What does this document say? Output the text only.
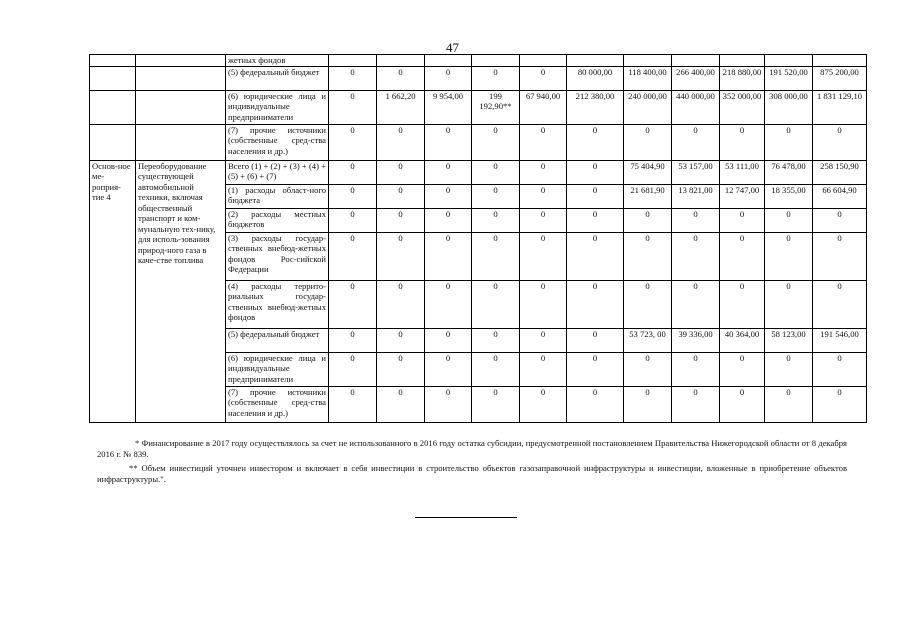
47
		жетных фондов											
		(5) федеральный бюджет	0	0	0	0	0	80 000,00	118 400,00	266 400,00	218 880,00	191 520,00	875 200,00
		(6) юридические лица и индивидуальные предприниматели	0	1 662,20	9 954,00	199 192,90**	67 940,00	212 380,00	240 000,00	440 000,00	352 000,00	308 000,00	1 831 129,10
		(7) прочие источники (собственные сред-ства населения и др.)	0	0	0	0	0	0	0	0	0	0	0
Основ-ное ме-роприя-тие 4	Переоборудование существующей автомобильной техники, включая общественный транспорт и ком-мунальную тех-нику, для исполь-зования природ-ного газа в каче-стве топлива	Всего (1) + (2) + (3) + (4) + (5) + (6) + (7)	0	0	0	0	0	0	75 404,90	53 157,00	53 111,00	76 478,00	258 150,90
		(1) расходы област-ного бюджета	0	0	0	0	0	0	21 681,90	13 821,00	12 747,00	18 355,00	66 604,90
		(2) расходы местных бюджетов	0	0	0	0	0	0	0	0	0	0	0
		(3) расходы государ-ственных внебюд-жетных фондов Рос-сийской Федерации	0	0	0	0	0	0	0	0	0	0	0
		(4) расходы террито-риальных государ-ственных внебюд-жетных фондов	0	0	0	0	0	0	0	0	0	0	0
		(5) федеральный бюджет	0	0	0	0	0	0	53 723, 00	39 336,00	40 364,00	58 123,00	191 546,00
		(6) юридические лица и индивидуальные предприниматели	0	0	0	0	0	0	0	0	0	0	0
		(7) прочие источники (собственные сред-ства населения и др.)	0	0	0	0	0	0	0	0	0	0	0

* Финансирование в 2017 году осуществлялось за счет не использованного в 2016 году остатка субсидии, предусмотренной постановлением Правительства Нижегородской области от 8 декабря 2016 г. № 839.

** Объем инвестиций уточнен инвестором и включает в себя инвестиции в строительство объектов газозаправочной инфраструктуры и инвестиции, вложенные в приобретение объектов инфраструктуры.".
